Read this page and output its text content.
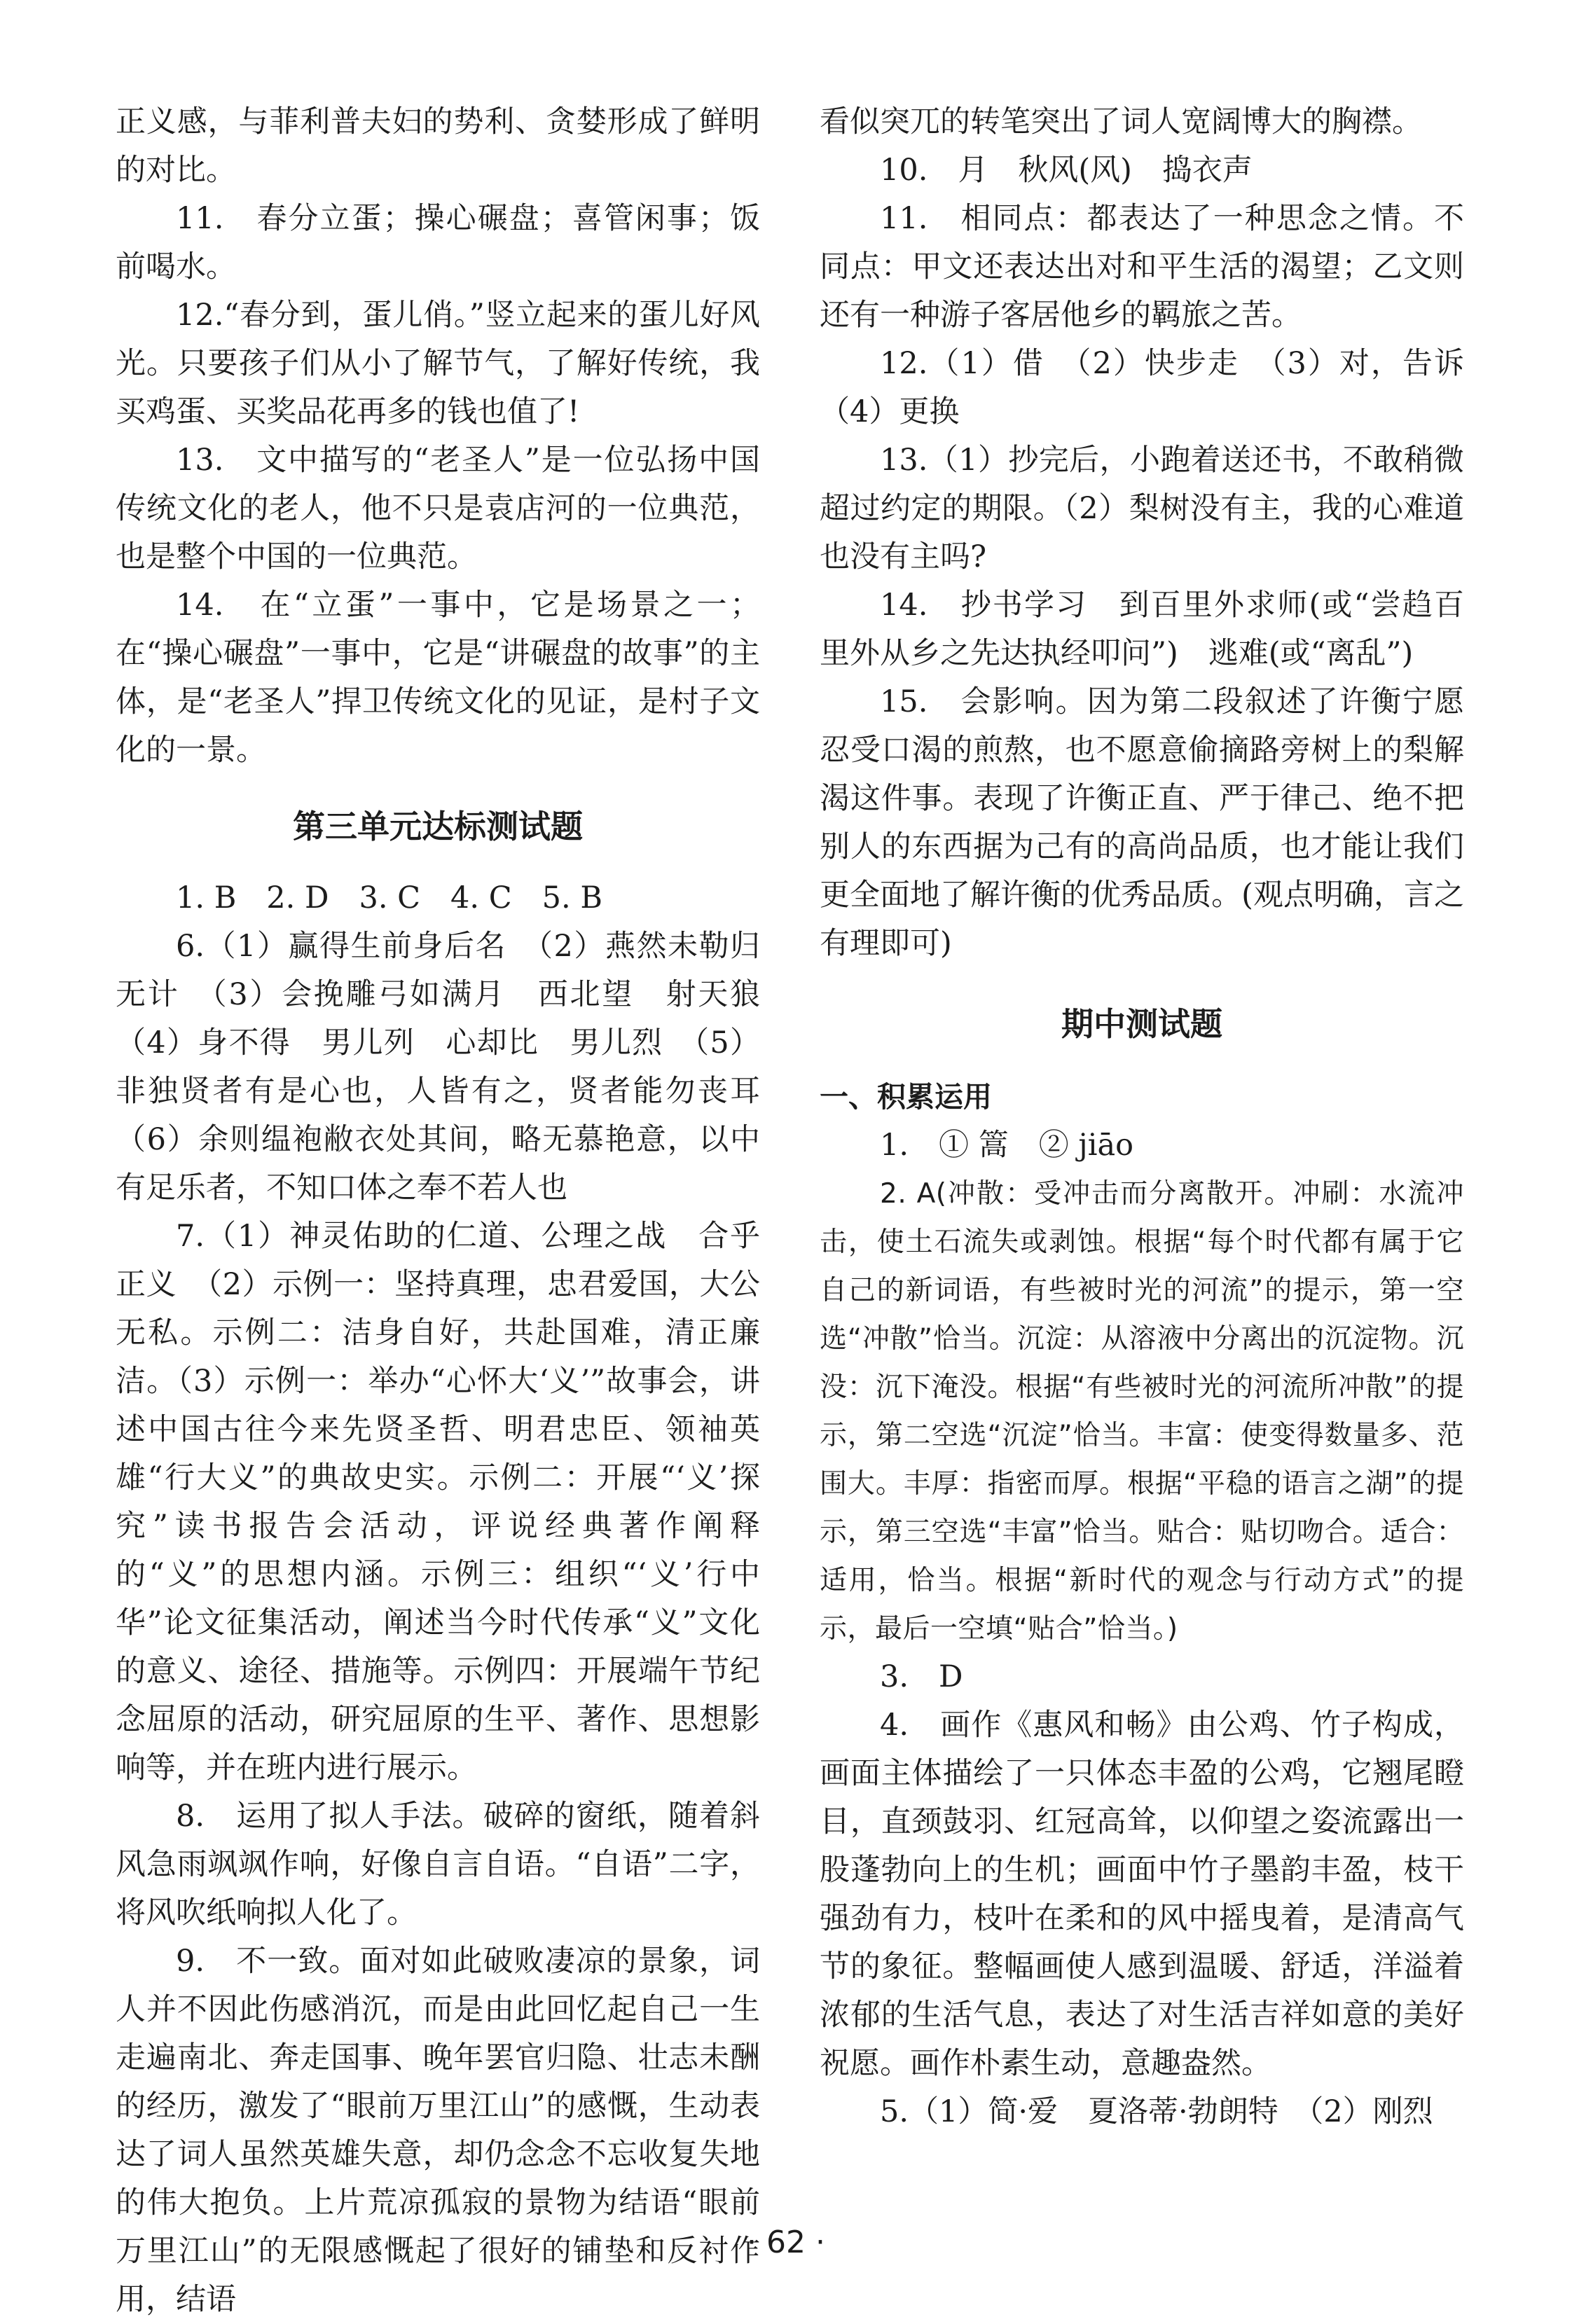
正义感，与菲利普夫妇的势利、贪婪形成了鲜明的对比。

11.　春分立蛋；操心碾盘；喜管闲事；饭前喝水。

12.“春分到，蛋儿俏。”竖立起来的蛋儿好风光。只要孩子们从小了解节气，了解好传统，我买鸡蛋、买奖品花再多的钱也值了!

13.　文中描写的“老圣人”是一位弘扬中国传统文化的老人，他不只是袁店河的一位典范，也是整个中国的一位典范。

14.　在“立蛋”一事中，它是场景之一；在“操心碾盘”一事中，它是“讲碾盘的故事”的主体，是“老圣人”捍卫传统文化的见证，是村子文化的一景。

第三单元达标测试题

1. B　2. D　3. C　4. C　5. B

6.（1）赢得生前身后名　（2）燕然未勒归无计　（3）会挽雕弓如满月　西北望　射天狼　（4）身不得　男儿列　心却比　男儿烈　（5）非独贤者有是心也，人皆有之，贤者能勿丧耳　（6）余则缊袍敝衣处其间，略无慕艳意，以中有足乐者，不知口体之奉不若人也

7.（1）神灵佑助的仁道、公理之战　合乎正义　（2）示例一：坚持真理，忠君爱国，大公无私。示例二：洁身自好，共赴国难，清正廉洁。（3）示例一：举办“心怀大‘义’”故事会，讲述中国古往今来先贤圣哲、明君忠臣、领袖英雄“行大义”的典故史实。示例二：开展“‘义’探究”读书报告会活动，评说经典著作阐释的“义”的思想内涵。示例三：组织“‘义’行中华”论文征集活动，阐述当今时代传承“义”文化的意义、途径、措施等。示例四：开展端午节纪念屈原的活动，研究屈原的生平、著作、思想影响等，并在班内进行展示。

8.　运用了拟人手法。破碎的窗纸，随着斜风急雨飒飒作响，好像自言自语。“自语”二字，将风吹纸响拟人化了。

9.　不一致。面对如此破败凄凉的景象，词人并不因此伤感消沉，而是由此回忆起自己一生走遍南北、奔走国事、晚年罢官归隐、壮志未酬的经历，激发了“眼前万里江山”的感慨，生动表达了词人虽然英雄失意，却仍念念不忘收复失地的伟大抱负。上片荒凉孤寂的景物为结语“眼前万里江山”的无限感慨起了很好的铺垫和反衬作用，结语

看似突兀的转笔突出了词人宽阔博大的胸襟。

10.　月　秋风(风)　捣衣声

11.　相同点：都表达了一种思念之情。不同点：甲文还表达出对和平生活的渴望；乙文则还有一种游子客居他乡的羁旅之苦。

12.（1）借　（2）快步走　（3）对，告诉　（4）更换

13.（1）抄完后，小跑着送还书，不敢稍微超过约定的期限。（2）梨树没有主，我的心难道也没有主吗?

14.　抄书学习　到百里外求师(或“尝趋百里外从乡之先达执经叩问”)　逃难(或“离乱”)

15.　会影响。因为第二段叙述了许衡宁愿忍受口渴的煎熬，也不愿意偷摘路旁树上的梨解渴这件事。表现了许衡正直、严于律己、绝不把别人的东西据为己有的高尚品质，也才能让我们更全面地了解许衡的优秀品质。(观点明确，言之有理即可)

期中测试题
一、积累运用

1.　① 篙　② jiāo

2. A(冲散：受冲击而分离散开。冲刷：水流冲击，使土石流失或剥蚀。根据“每个时代都有属于它自己的新词语，有些被时光的河流”的提示，第一空选“冲散”恰当。沉淀：从溶液中分离出的沉淀物。沉没：沉下淹没。根据“有些被时光的河流所冲散”的提示，第二空选“沉淀”恰当。丰富：使变得数量多、范围大。丰厚：指密而厚。根据“平稳的语言之湖”的提示，第三空选“丰富”恰当。贴合：贴切吻合。适合：适用，恰当。根据“新时代的观念与行动方式”的提示，最后一空填“贴合”恰当。)

3.　D

4.　画作《惠风和畅》由公鸡、竹子构成，画面主体描绘了一只体态丰盈的公鸡，它翘尾瞪目，直颈鼓羽、红冠高耸，以仰望之姿流露出一股蓬勃向上的生机；画面中竹子墨韵丰盈，枝干强劲有力，枝叶在柔和的风中摇曳着，是清高气节的象征。整幅画使人感到温暖、舒适，洋溢着浓郁的生活气息，表达了对生活吉祥如意的美好祝愿。画作朴素生动，意趣盎然。

5.（1）简·爱　夏洛蒂·勃朗特　（2）刚烈

· 62 ·
